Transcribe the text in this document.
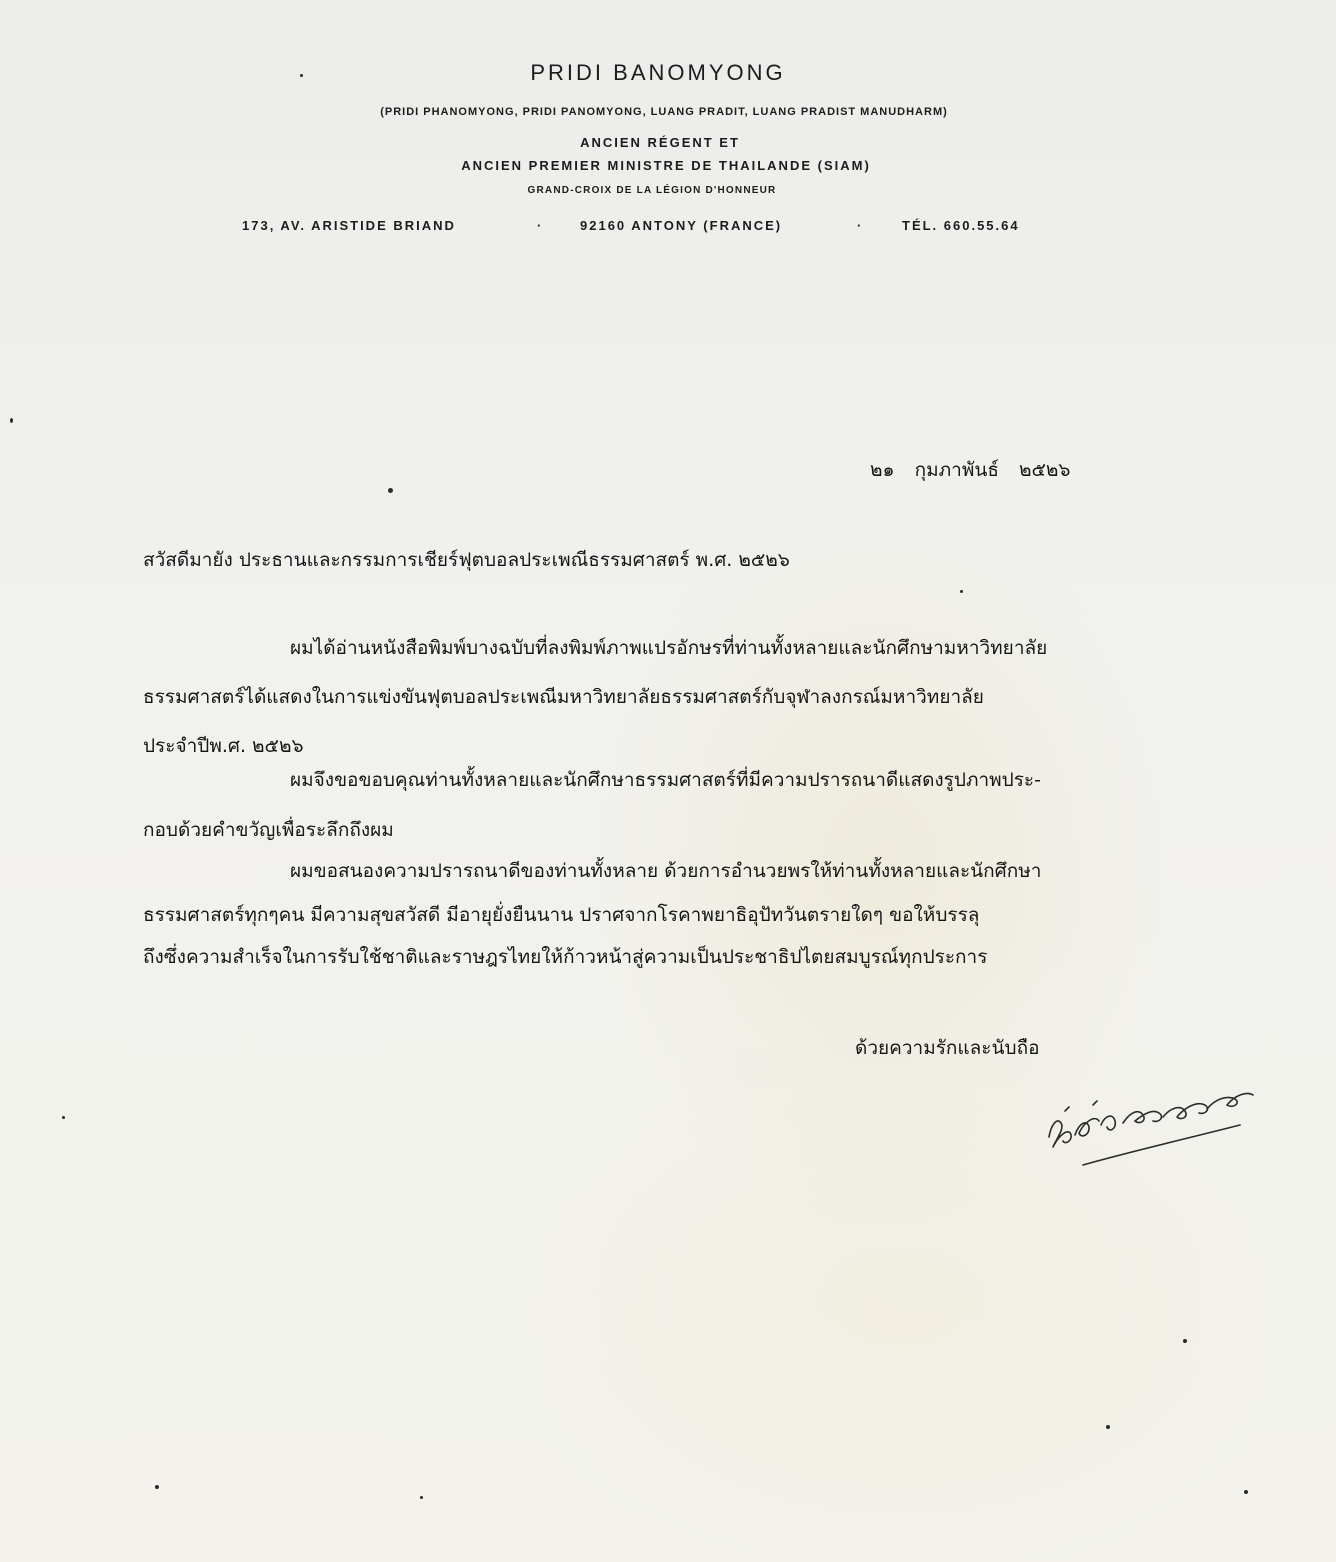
PRIDI BANOMYONG

(PRIDI PHANOMYONG, PRIDI PANOMYONG, LUANG PRADIT, LUANG PRADIST MANUDHARM)

ANCIEN RÉGENT ET

ANCIEN PREMIER MINISTRE DE THAILANDE (SIAM)

GRAND-CROIX DE LA LÉGION D'HONNEUR

173, AV. ARISTIDE BRIAND	·	92160 ANTONY (FRANCE)	·	TÉL. 660.55.64

๒๑ กุมภาพันธ์ ๒๕๒๖

สวัสดีมายัง ประธานและกรรมการเชียร์ฟุตบอลประเพณีธรรมศาสตร์ พ.ศ. ๒๕๒๖

ผมได้อ่านหนังสือพิมพ์บางฉบับที่ลงพิมพ์ภาพแปรอักษรที่ท่านทั้งหลายและนักศึกษามหาวิทยาลัย

ธรรมศาสตร์ได้แสดงในการแข่งขันฟุตบอลประเพณีมหาวิทยาลัยธรรมศาสตร์กับจุฬาลงกรณ์มหาวิทยาลัย

ประจำปีพ.ศ. ๒๕๒๖

ผมจึงขอขอบคุณท่านทั้งหลายและนักศึกษาธรรมศาสตร์ที่มีความปรารถนาดีแสดงรูปภาพประ-

กอบด้วยคำขวัญเพื่อระลึกถึงผม

ผมขอสนองความปรารถนาดีของท่านทั้งหลาย ด้วยการอำนวยพรให้ท่านทั้งหลายและนักศึกษา

ธรรมศาสตร์ทุกๆคน มีความสุขสวัสดี มีอายุยั่งยืนนาน ปราศจากโรคาพยาธิอุปัทวันตรายใดๆ ขอให้บรรลุ

ถึงซึ่งความสำเร็จในการรับใช้ชาติและราษฎรไทยให้ก้าวหน้าสู่ความเป็นประชาธิปไตยสมบูรณ์ทุกประการ

ด้วยความรักและนับถือ
